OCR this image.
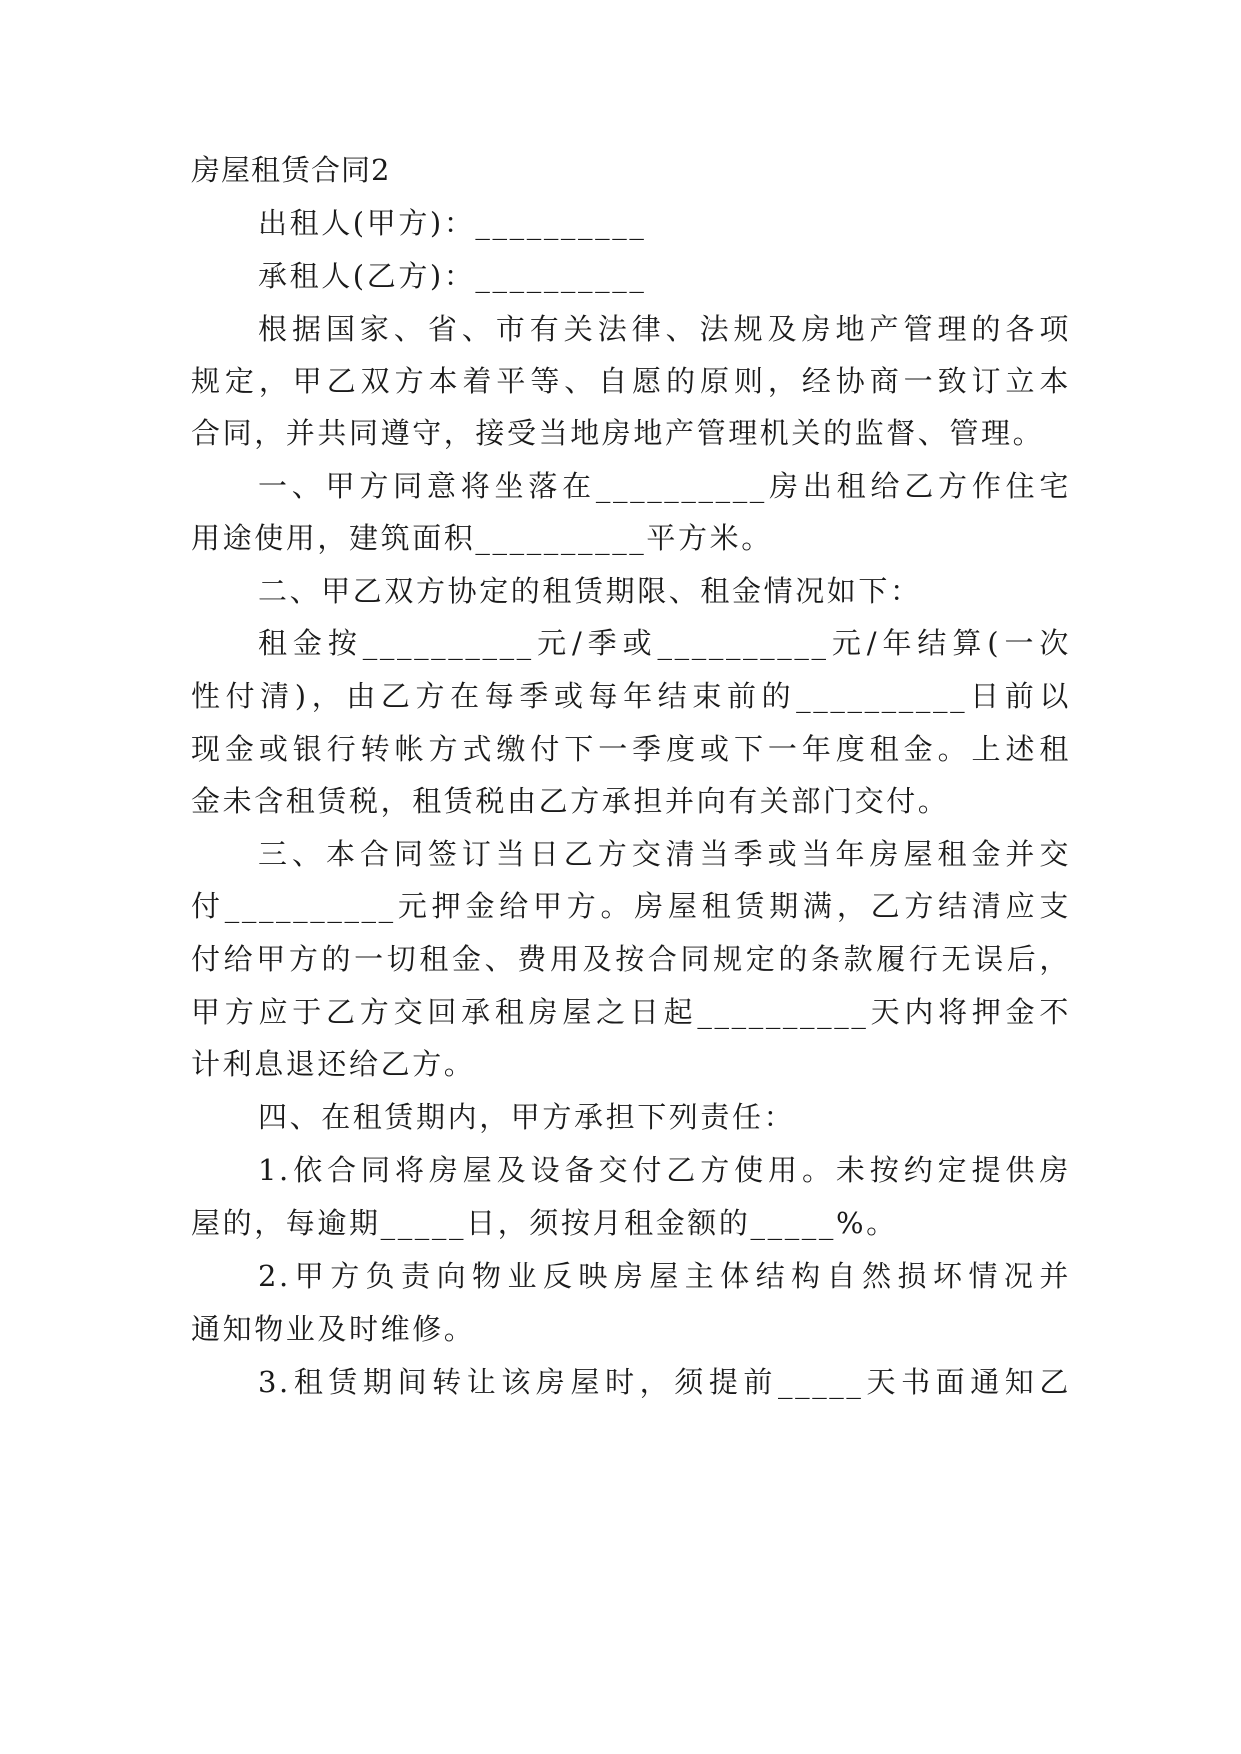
房屋租赁合同2
出租人(甲方)：__________
承租人(乙方)：__________
根据国家、省、市有关法律、法规及房地产管理的各项
规定，甲乙双方本着平等、自愿的原则，经协商一致订立本
合同，并共同遵守，接受当地房地产管理机关的监督、管理。
一、甲方同意将坐落在__________房出租给乙方作住宅
用途使用，建筑面积__________平方米。
二、甲乙双方协定的租赁期限、租金情况如下：
租金按__________元/季或__________元/年结算(一次
性付清)，由乙方在每季或每年结束前的__________日前以
现金或银行转帐方式缴付下一季度或下一年度租金。上述租
金未含租赁税，租赁税由乙方承担并向有关部门交付。
三、本合同签订当日乙方交清当季或当年房屋租金并交
付__________元押金给甲方。房屋租赁期满，乙方结清应支
付给甲方的一切租金、费用及按合同规定的条款履行无误后，
甲方应于乙方交回承租房屋之日起__________天内将押金不
计利息退还给乙方。
四、在租赁期内，甲方承担下列责任：
1.依合同将房屋及设备交付乙方使用。未按约定提供房
屋的，每逾期_____日，须按月租金额的_____%。
2.甲方负责向物业反映房屋主体结构自然损坏情况并
通知物业及时维修。
3.租赁期间转让该房屋时，须提前_____天书面通知乙
